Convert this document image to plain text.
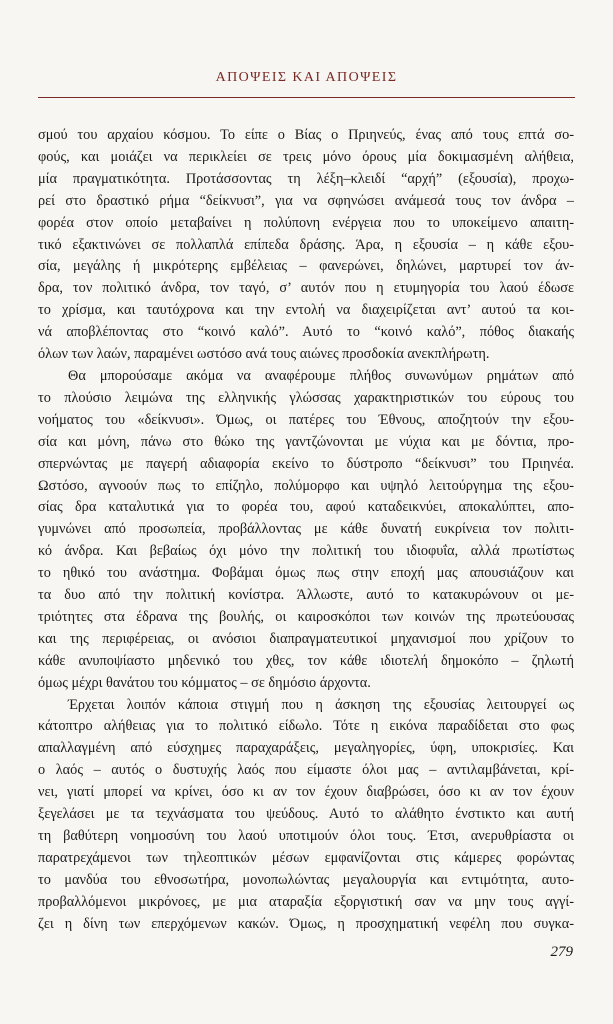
ΑΠΟΨΕΙΣ ΚΑΙ ΑΠΟΨΕΙΣ

σμού του αρχαίου κόσμου. Το είπε ο Βίας ο Πριηνεύς, ένας από τους επτά σο-
φούς, και μοιάζει να περικλείει σε τρεις μόνο όρους μία δοκιμασμένη αλήθεια,
μία πραγματικότητα. Προτάσσοντας τη λέξη–κλειδί “αρχή” (εξουσία), προχω-
ρεί στο δραστικό ρήμα “δείκνυσι”, για να σφηνώσει ανάμεσά τους τον άνδρα –
φορέα στον οποίο μεταβαίνει η πολύπονη ενέργεια που το υποκείμενο απαιτη-
τικό εξακτινώνει σε πολλαπλά επίπεδα δράσης. Άρα, η εξουσία – η κάθε εξου-
σία, μεγάλης ή μικρότερης εμβέλειας – φανερώνει, δηλώνει, μαρτυρεί τον άν-
δρα, τον πολιτικό άνδρα, τον ταγό, σ’ αυτόν που η ετυμηγορία του λαού έδωσε
το χρίσμα, και ταυτόχρονα και την εντολή να διαχειρίζεται αντ’ αυτού τα κοι-
νά αποβλέποντας στο “κοινό καλό”. Αυτό το “κοινό καλό”, πόθος διακαής
όλων των λαών, παραμένει ωστόσο ανά τους αιώνες προσδοκία ανεκπλήρωτη.

Θα μπορούσαμε ακόμα να αναφέρουμε πλήθος συνωνύμων ρημάτων από
το πλούσιο λειμώνα της ελληνικής γλώσσας χαρακτηριστικών του εύρους του
νοήματος του «δείκνυσι». Όμως, οι πατέρες του Έθνους, αποζητούν την εξου-
σία και μόνη, πάνω στο θώκο της γαντζώνονται με νύχια και με δόντια, προ-
σπερνώντας με παγερή αδιαφορία εκείνο το δύστροπο “δείκνυσι” του Πριηνέα.
Ωστόσο, αγνοούν πως το επίζηλο, πολύμορφο και υψηλό λειτούργημα της εξου-
σίας δρα καταλυτικά για το φορέα του, αφού καταδεικνύει, αποκαλύπτει, απο-
γυμνώνει από προσωπεία, προβάλλοντας με κάθε δυνατή ευκρίνεια τον πολιτι-
κό άνδρα. Και βεβαίως όχι μόνο την πολιτική του ιδιοφυΐα, αλλά πρωτίστως
το ηθικό του ανάστημα. Φοβάμαι όμως πως στην εποχή μας απουσιάζουν και
τα δυο από την πολιτική κονίστρα. Άλλωστε, αυτό το κατακυρώνουν οι με-
τριότητες στα έδρανα της βουλής, οι καιροσκόποι των κοινών της πρωτεύουσας
και της περιφέρειας, οι ανόσιοι διαπραγματευτικοί μηχανισμοί που χρίζουν το
κάθε ανυποψίαστο μηδενικό του χθες, τον κάθε ιδιοτελή δημοκόπο – ζηλωτή
όμως μέχρι θανάτου του κόμματος – σε δημόσιο άρχοντα.

Έρχεται λοιπόν κάποια στιγμή που η άσκηση της εξουσίας λειτουργεί ως
κάτοπτρο αλήθειας για το πολιτικό είδωλο. Τότε η εικόνα παραδίδεται στο φως
απαλλαγμένη από εύσχημες παραχαράξεις, μεγαληγορίες, ύφη, υποκρισίες. Και
ο λαός – αυτός ο δυστυχής λαός που είμαστε όλοι μας – αντιλαμβάνεται, κρί-
νει, γιατί μπορεί να κρίνει, όσο κι αν τον έχουν διαβρώσει, όσο κι αν τον έχουν
ξεγελάσει με τα τεχνάσματα του ψεύδους. Αυτό το αλάθητο ένστικτο και αυτή
τη βαθύτερη νοημοσύνη του λαού υποτιμούν όλοι τους. Έτσι, ανερυθρίαστα οι
παρατρεχάμενοι των τηλεοπτικών μέσων εμφανίζονται στις κάμερες φορώντας
το μανδύα του εθνοσωτήρα, μονοπωλώντας μεγαλουργία και εντιμότητα, αυτο-
προβαλλόμενοι μικρόνοες, με μια αταραξία εξοργιστική σαν να μην τους αγγί-
ζει η δίνη των επερχόμενων κακών. Όμως, η προσχηματική νεφέλη που συγκα-

279
